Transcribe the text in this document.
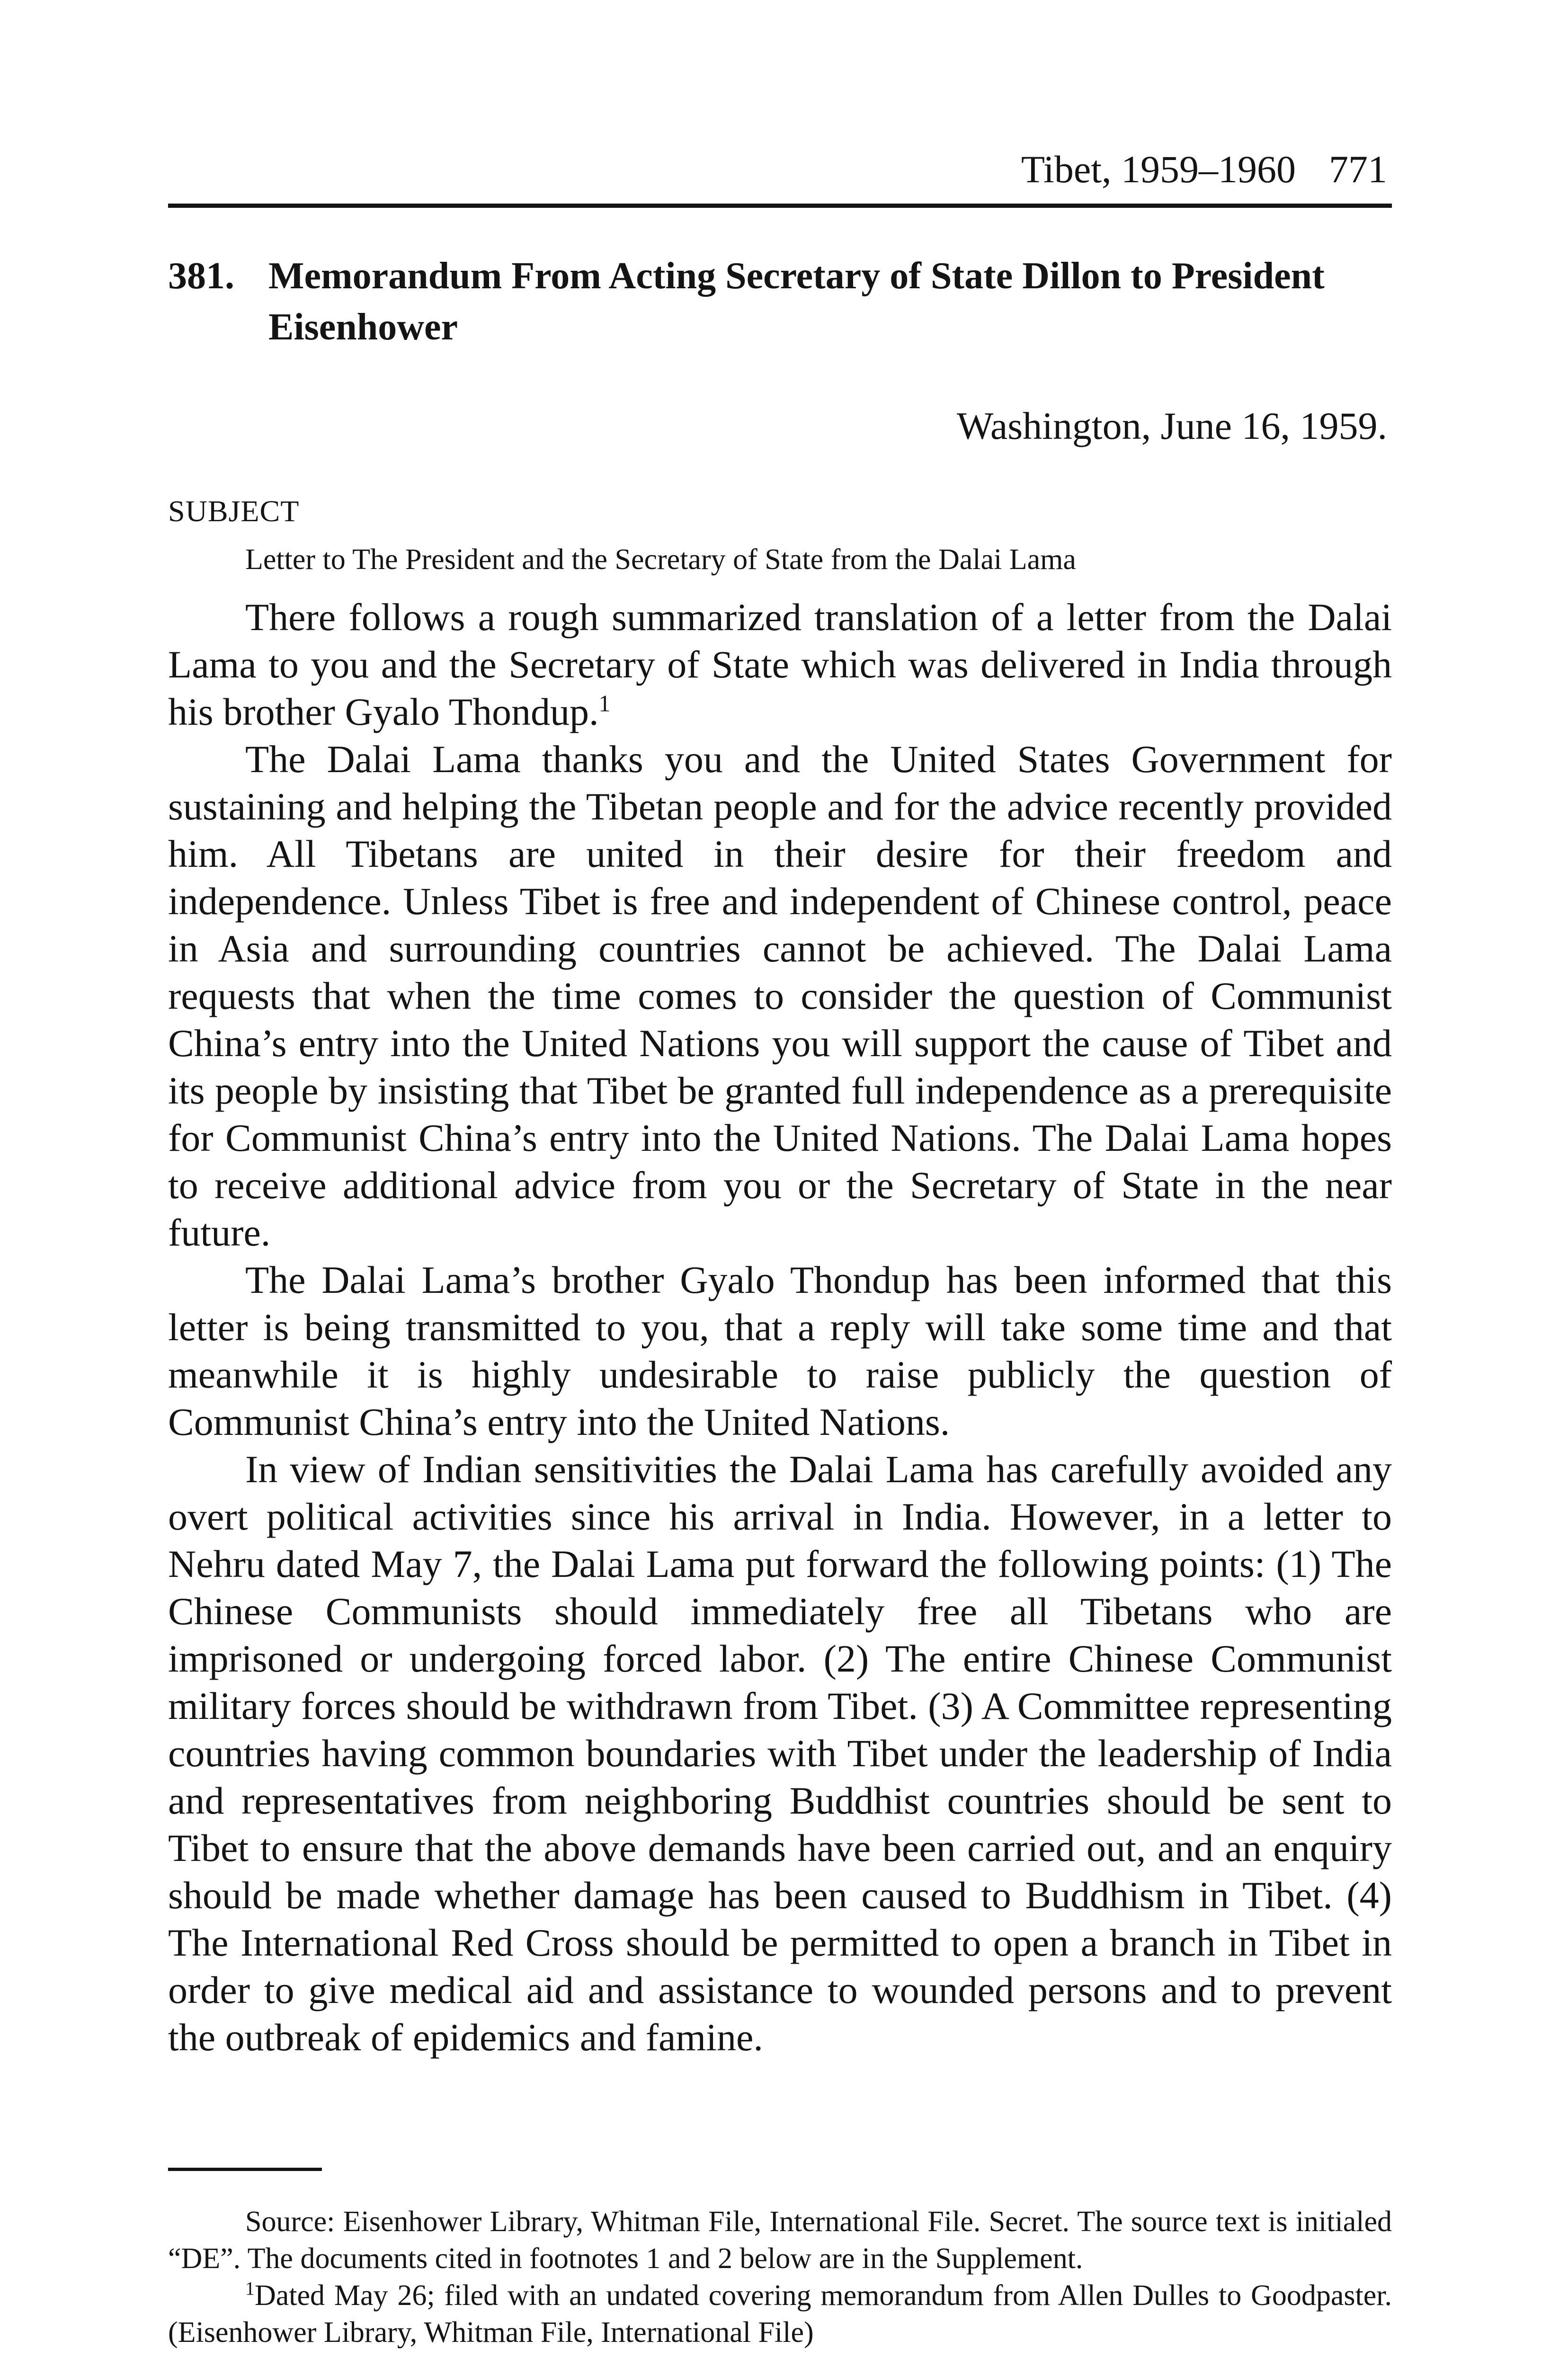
Tibet, 1959–1960 771
381. Memorandum From Acting Secretary of State Dillon to President Eisenhower
Washington, June 16, 1959.
SUBJECT
Letter to The President and the Secretary of State from the Dalai Lama

There follows a rough summarized translation of a letter from the Dalai Lama to you and the Secretary of State which was delivered in India through his brother Gyalo Thondup.$^1$

The Dalai Lama thanks you and the United States Government for sustaining and helping the Tibetan people and for the advice recently provided him. All Tibetans are united in their desire for their freedom and independence. Unless Tibet is free and independent of Chinese control, peace in Asia and surrounding countries cannot be achieved. The Dalai Lama requests that when the time comes to consider the question of Communist China’s entry into the United Nations you will support the cause of Tibet and its people by insisting that Tibet be granted full independence as a prerequisite for Communist China’s entry into the United Nations. The Dalai Lama hopes to receive additional advice from you or the Secretary of State in the near future.

The Dalai Lama’s brother Gyalo Thondup has been informed that this letter is being transmitted to you, that a reply will take some time and that meanwhile it is highly undesirable to raise publicly the question of Communist China’s entry into the United Nations.

In view of Indian sensitivities the Dalai Lama has carefully avoided any overt political activities since his arrival in India. However, in a letter to Nehru dated May 7, the Dalai Lama put forward the following points: (1) The Chinese Communists should immediately free all Tibetans who are imprisoned or undergoing forced labor. (2) The entire Chinese Communist military forces should be withdrawn from Tibet. (3) A Committee representing countries having common boundaries with Tibet under the leadership of India and representatives from neighboring Buddhist countries should be sent to Tibet to ensure that the above demands have been carried out, and an enquiry should be made whether damage has been caused to Buddhism in Tibet. (4) The International Red Cross should be permitted to open a branch in Tibet in order to give medical aid and assistance to wounded persons and to prevent the outbreak of epidemics and famine.

Source: Eisenhower Library, Whitman File, International File. Secret. The source text is initialed “DE”. The documents cited in footnotes 1 and 2 below are in the Supplement.

$^1$Dated May 26; filed with an undated covering memorandum from Allen Dulles to Goodpaster. (Eisenhower Library, Whitman File, International File)
